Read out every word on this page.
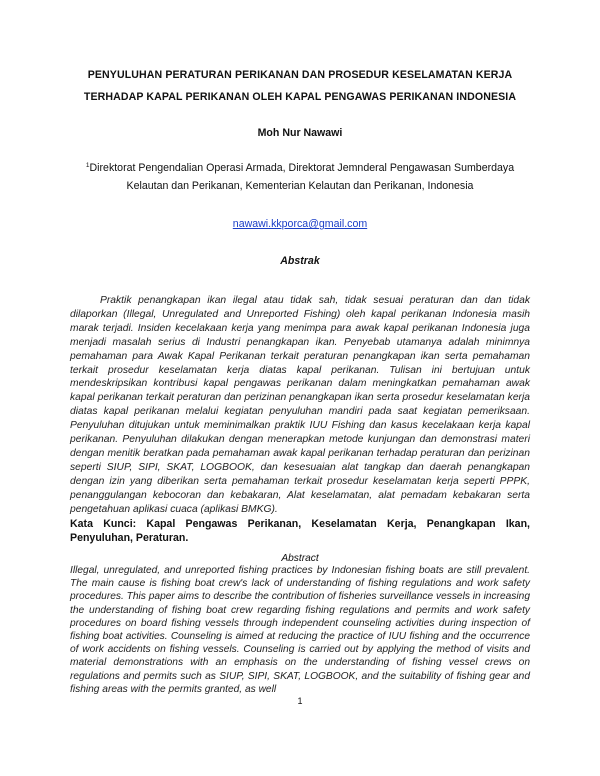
PENYULUHAN PERATURAN PERIKANAN DAN PROSEDUR KESELAMATAN KERJA
TERHADAP KAPAL PERIKANAN OLEH KAPAL PENGAWAS PERIKANAN INDONESIA
Moh Nur Nawawi
$^1$Direktorat Pengendalian Operasi Armada, Direktorat Jemnderal Pengawasan Sumberdaya
Kelautan dan Perikanan, Kementerian Kelautan dan Perikanan, Indonesia
nawawi.kkporca@gmail.com
Abstrak
Praktik penangkapan ikan ilegal atau tidak sah, tidak sesuai peraturan dan dan tidak dilaporkan (Illegal, Unregulated and Unreported Fishing) oleh kapal perikanan Indonesia masih marak terjadi. Insiden kecelakaan kerja yang menimpa para awak kapal perikanan Indonesia juga menjadi masalah serius di Industri penangkapan ikan. Penyebab utamanya adalah minimnya pemahaman para Awak Kapal Perikanan terkait peraturan penangkapan ikan serta pemahaman terkait prosedur keselamatan kerja diatas kapal perikanan. Tulisan ini bertujuan untuk mendeskripsikan kontribusi kapal pengawas perikanan dalam meningkatkan pemahaman awak kapal perikanan terkait peraturan dan perizinan penangkapan ikan serta prosedur keselamatan kerja diatas kapal perikanan melalui kegiatan penyuluhan mandiri pada saat kegiatan pemeriksaan. Penyuluhan ditujukan untuk meminimalkan praktik IUU Fishing dan kasus kecelakaan kerja kapal perikanan. Penyuluhan dilakukan dengan menerapkan metode kunjungan dan demonstrasi materi dengan menitik beratkan pada pemahaman awak kapal perikanan terhadap peraturan dan perizinan seperti SIUP, SIPI, SKAT, LOGBOOK, dan kesesuaian alat tangkap dan daerah penangkapan dengan izin yang diberikan serta pemahaman terkait prosedur keselamatan kerja seperti PPPK, penanggulangan kebocoran dan kebakaran, Alat keselamatan, alat pemadam kebakaran serta pengetahuan aplikasi cuaca (aplikasi BMKG).
Kata Kunci: Kapal Pengawas Perikanan, Keselamatan Kerja, Penangkapan Ikan, Penyuluhan, Peraturan.
Abstract
Illegal, unregulated, and unreported fishing practices by Indonesian fishing boats are still prevalent. The main cause is fishing boat crew's lack of understanding of fishing regulations and work safety procedures. This paper aims to describe the contribution of fisheries surveillance vessels in increasing the understanding of fishing boat crew regarding fishing regulations and permits and work safety procedures on board fishing vessels through independent counseling activities during inspection of fishing boat activities. Counseling is aimed at reducing the practice of IUU fishing and the occurrence of work accidents on fishing vessels. Counseling is carried out by applying the method of visits and material demonstrations with an emphasis on the understanding of fishing vessel crews on regulations and permits such as SIUP, SIPI, SKAT, LOGBOOK, and the suitability of fishing gear and fishing areas with the permits granted, as well
1
